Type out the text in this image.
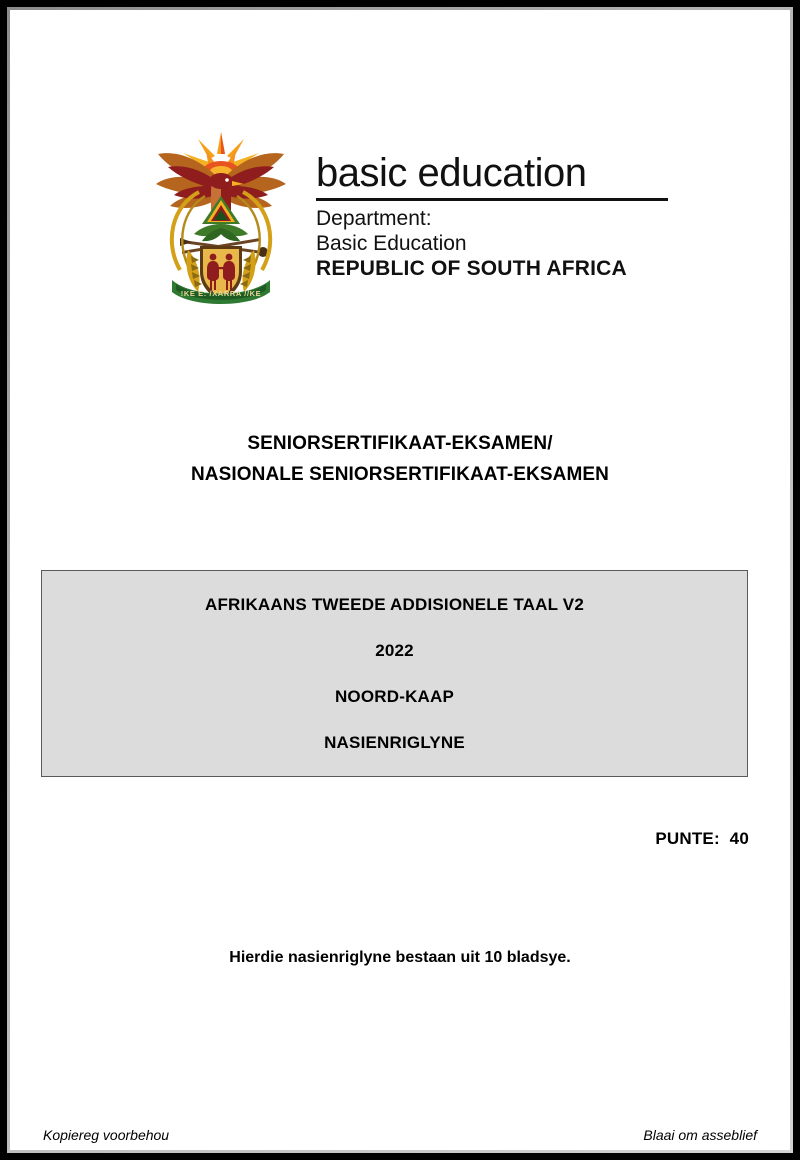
!KE E: /XARRA //KE
basic education
Department:
Basic Education
REPUBLIC OF SOUTH AFRICA
SENIORSERTIFIKAAT-EKSAMEN/
NASIONALE SENIORSERTIFIKAAT-EKSAMEN
AFRIKAANS TWEEDE ADDISIONELE TAAL V2
2022
NOORD-KAAP
NASIENRIGLYNE
PUNTE:  40
Hierdie nasienriglyne bestaan uit 10 bladsye.
Kopiereg voorbehou	Blaai om asseblief
